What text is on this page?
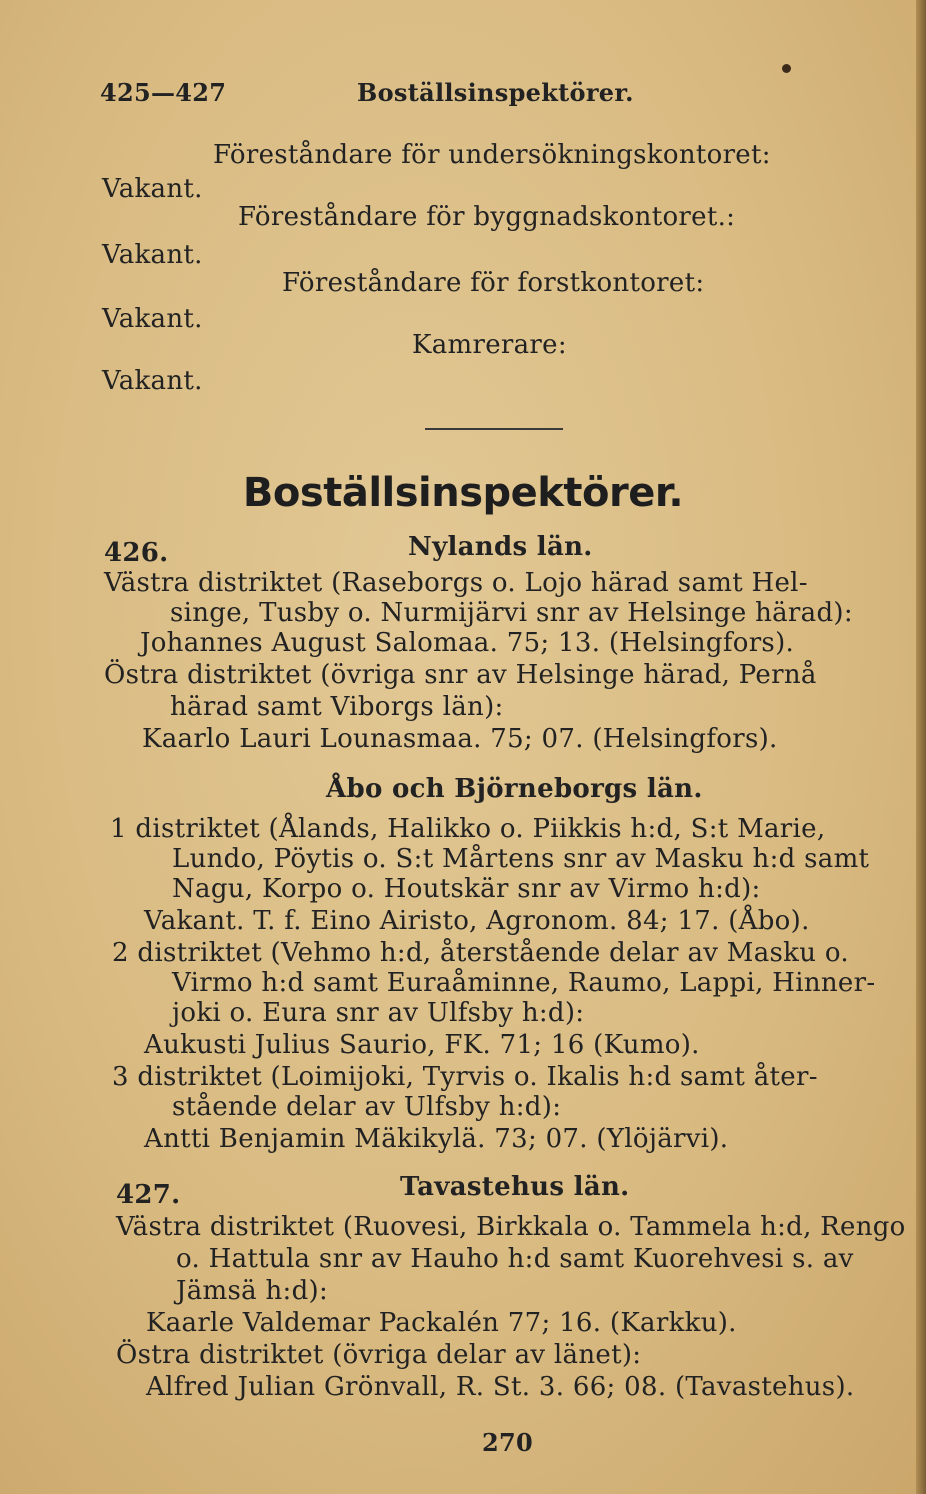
425—427	Boställsinspektörer.
Föreståndare för undersökningskontoret:
Vakant.
Föreståndare för byggnadskontoret.:
Vakant.
Föreståndare för forstkontoret:
Vakant.
Kamrerare:
Vakant.
Boställsinspektörer.
426.	Nylands län.
Västra distriktet (Raseborgs o. Lojo härad samt Hel-
singe, Tusby o. Nurmijärvi snr av Helsinge härad):
Johannes August Salomaa. 75; 13. (Helsingfors).
Östra distriktet (övriga snr av Helsinge härad, Pernå
härad samt Viborgs län):
Kaarlo Lauri Lounasmaa. 75; 07. (Helsingfors).
Åbo och Björneborgs län.
1 distriktet (Ålands, Halikko o. Piikkis h:d, S:t Marie,
Lundo, Pöytis o. S:t Mårtens snr av Masku h:d samt
Nagu, Korpo o. Houtskär snr av Virmo h:d):
Vakant. T. f. Eino Airisto, Agronom. 84; 17. (Åbo).
2 distriktet (Vehmo h:d, återstående delar av Masku o.
Virmo h:d samt Euraåminne, Raumo, Lappi, Hinner-
joki o. Eura snr av Ulfsby h:d):
Aukusti Julius Saurio, FK. 71; 16 (Kumo).
3 distriktet (Loimijoki, Tyrvis o. Ikalis h:d samt åter-
stående delar av Ulfsby h:d):
Antti Benjamin Mäkikylä. 73; 07. (Ylöjärvi).
427.	Tavastehus län.
Västra distriktet (Ruovesi, Birkkala o. Tammela h:d, Rengo
o. Hattula snr av Hauho h:d samt Kuorehvesi s. av
Jämsä h:d):
Kaarle Valdemar Packalén 77; 16. (Karkku).
Östra distriktet (övriga delar av länet):
Alfred Julian Grönvall, R. St. 3. 66; 08. (Tavastehus).
270
